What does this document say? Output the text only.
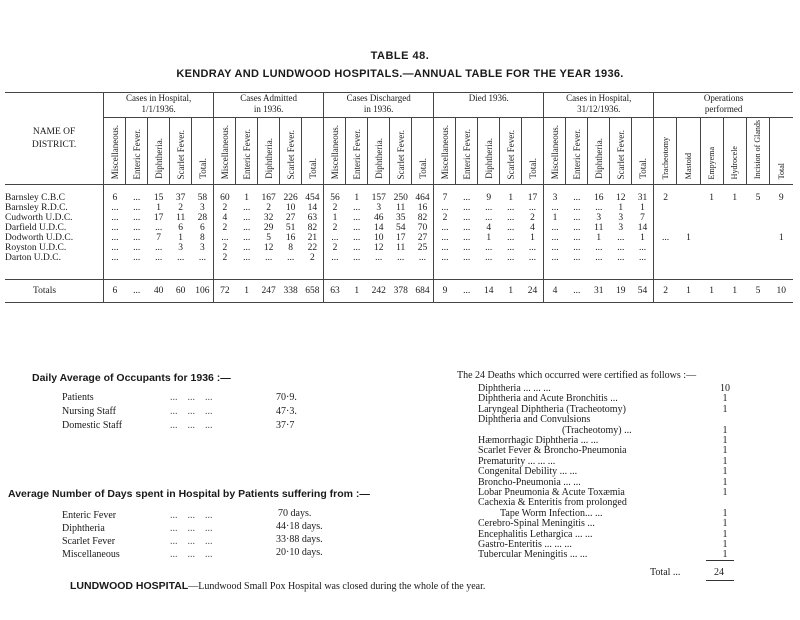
TABLE 48.
KENDRAY AND LUNDWOOD HOSPITALS.—ANNUAL TABLE FOR THE YEAR 1936.
NAME OF
DISTRICT.	Cases in Hospital,
1/1/1936.					Cases Admitted
in 1936.					Cases Discharged
in 1936.					Died 1936.					Cases in Hospital,
31/12/1936.					Operations
performed					
	Miscellaneous.	Enteric Fever.	Diphtheria.	Scarlet Fever.	Total.	Miscellaneous.	Enteric Fever.	Diphtheria.	Scarlet Fever.	Total.	Miscellaneous.	Enteric Fever.	Diphtheria.	Scarlet Fever.	Total.	Miscellaneous.	Enteric Fever.	Diphtheria.	Scarlet Fever.	Total.	Miscellaneous.	Enteric Fever.	Diphtheria.	Scarlet Fever.	Total.	Tracheotomy	Mastoid	Empyema	Hydrocele	Incision of Glands	Total

Barnsley C.B.C	6	...	15	37	58	60	1	167	226	454	56	1	157	250	464	7	...	9	1	17	3	...	16	12	31	2		1	1	5	9
Barnsley R.D.C.	...	...	1	2	3	2	...	2	10	14	2	...	3	11	16	...	...	...	...	...	...	...	...	1	1						
Cudworth U.D.C.	...	...	17	11	28	4	...	32	27	63	1	...	46	35	82	2	...	...	...	2	1	...	3	3	7						
Darfield U.D.C.	...	...	...	6	6	2	...	29	51	82	2	...	14	54	70	...	...	4	...	4	...	...	11	3	14						
Dodworth U.D.C.	...	...	7	1	8	...	...	5	16	21	...	...	10	17	27	...	...	1	...	1	...	...	1	...	1	...	1				1
Royston U.D.C.	...	...	...	3	3	2	...	12	8	22	2	...	12	11	25	...	...	...	...	...	...	...	...	...	...						
Darton U.D.C.	...	...	...	...	...	2	...	...	...	2	...	...	...	...	...	...	...	...	...	...	...	...	...	...	...						

Totals	6	...	40	60	106	72	1	247	338	658	63	1	242	378	684	9	...	14	1	24	4	...	31	19	54	2	1	1	1	5	10
Daily Average of Occupants for 1936 :—
Patients	...    ...    ...	70·9.
Nursing Staff	...    ...    ...	47·3.
Domestic Staff	...    ...    ...	37·7
Average Number of Days spent in Hospital by Patients suffering from :—
Enteric Fever	...    ...    ...	70 days.
Diphtheria	...    ...    ...	44·18 days.
Scarlet Fever	...    ...    ...	33·88 days.
Miscellaneous	...    ...    ...	20·10 days.
The 24 Deaths which occurred were certified as follows :—
Diphtheria ... ... ...	10
Diphtheria and Acute Bronchitis ...	1
Laryngeal Diphtheria (Tracheotomy)	1
Diphtheria and Convulsions
(Tracheotomy) ...	1
Hæmorrhagic Diphtheria ... ...	1
Scarlet Fever & Broncho-Pneumonia	1
Prematurity ... ... ...	1
Congenital Debility ... ...	1
Broncho-Pneumonia ... ...	1
Lobar Pneumonia & Acute Toxæmia	1
Cachexia & Enteritis from prolonged
Tape Worm Infection... ...	1
Cerebro-Spinal Meningitis ...	1
Encephalitis Lethargica ... ...	1
Gastro-Enteritis ... ... ...	1
Tubercular Meningitis ... ...	1
Total ...	24
LUNDWOOD HOSPITAL—Lundwood Small Pox Hospital was closed during the whole of the year.
